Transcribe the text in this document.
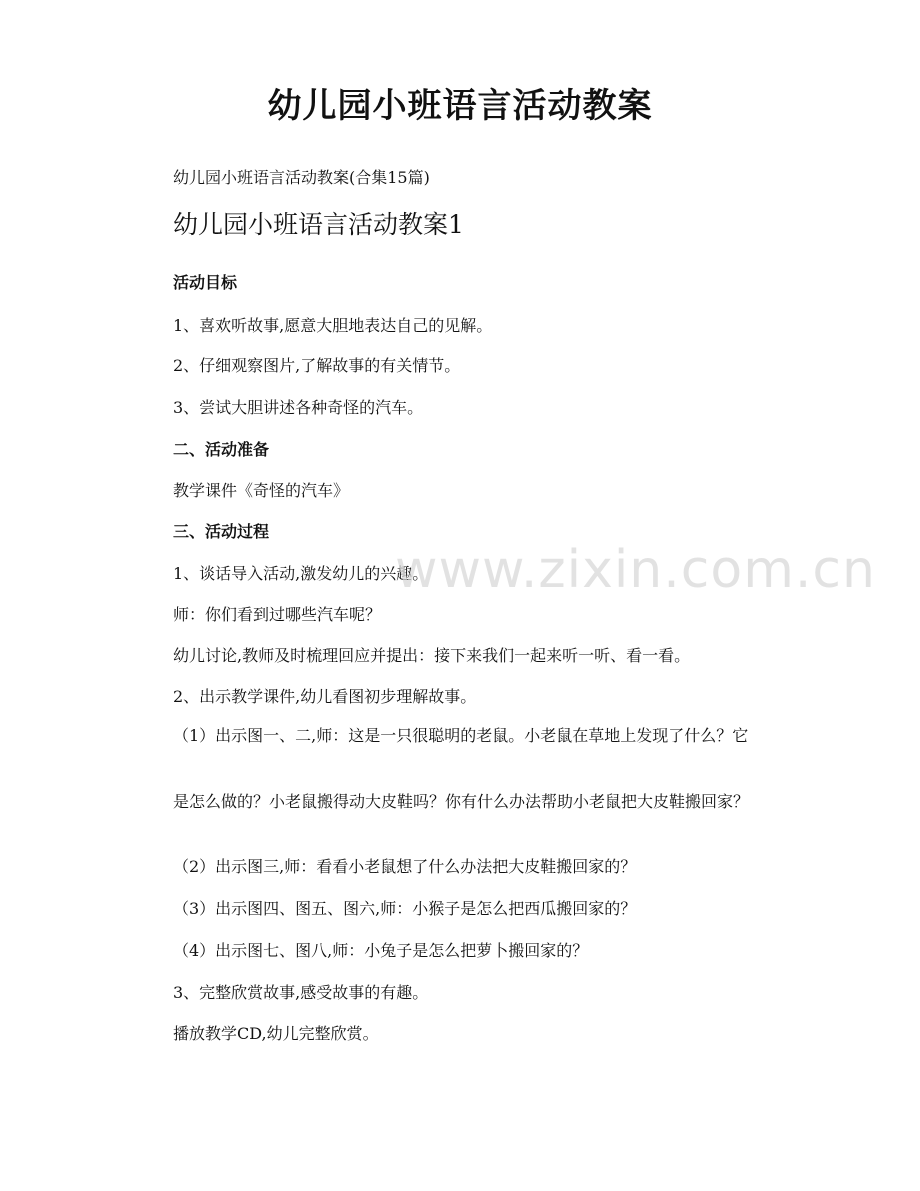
幼儿园小班语言活动教案
幼儿园小班语言活动教案(合集15篇)
幼儿园小班语言活动教案1
活动目标
1、喜欢听故事,愿意大胆地表达自己的见解。
2、仔细观察图片,了解故事的有关情节。
3、尝试大胆讲述各种奇怪的汽车。
二、活动准备
教学课件《奇怪的汽车》
三、活动过程
1、谈话导入活动,激发幼儿的兴趣。
师：你们看到过哪些汽车呢？
幼儿讨论,教师及时梳理回应并提出：接下来我们一起来听一听、看一看。
2、出示教学课件,幼儿看图初步理解故事。
（1）出示图一、二,师：这是一只很聪明的老鼠。小老鼠在草地上发现了什么？它
是怎么做的？小老鼠搬得动大皮鞋吗？你有什么办法帮助小老鼠把大皮鞋搬回家？
（2）出示图三,师：看看小老鼠想了什么办法把大皮鞋搬回家的？
（3）出示图四、图五、图六,师：小猴子是怎么把西瓜搬回家的？
（4）出示图七、图八,师：小兔子是怎么把萝卜搬回家的？
3、完整欣赏故事,感受故事的有趣。
播放教学CD,幼儿完整欣赏。
www.zixin.com.cn
